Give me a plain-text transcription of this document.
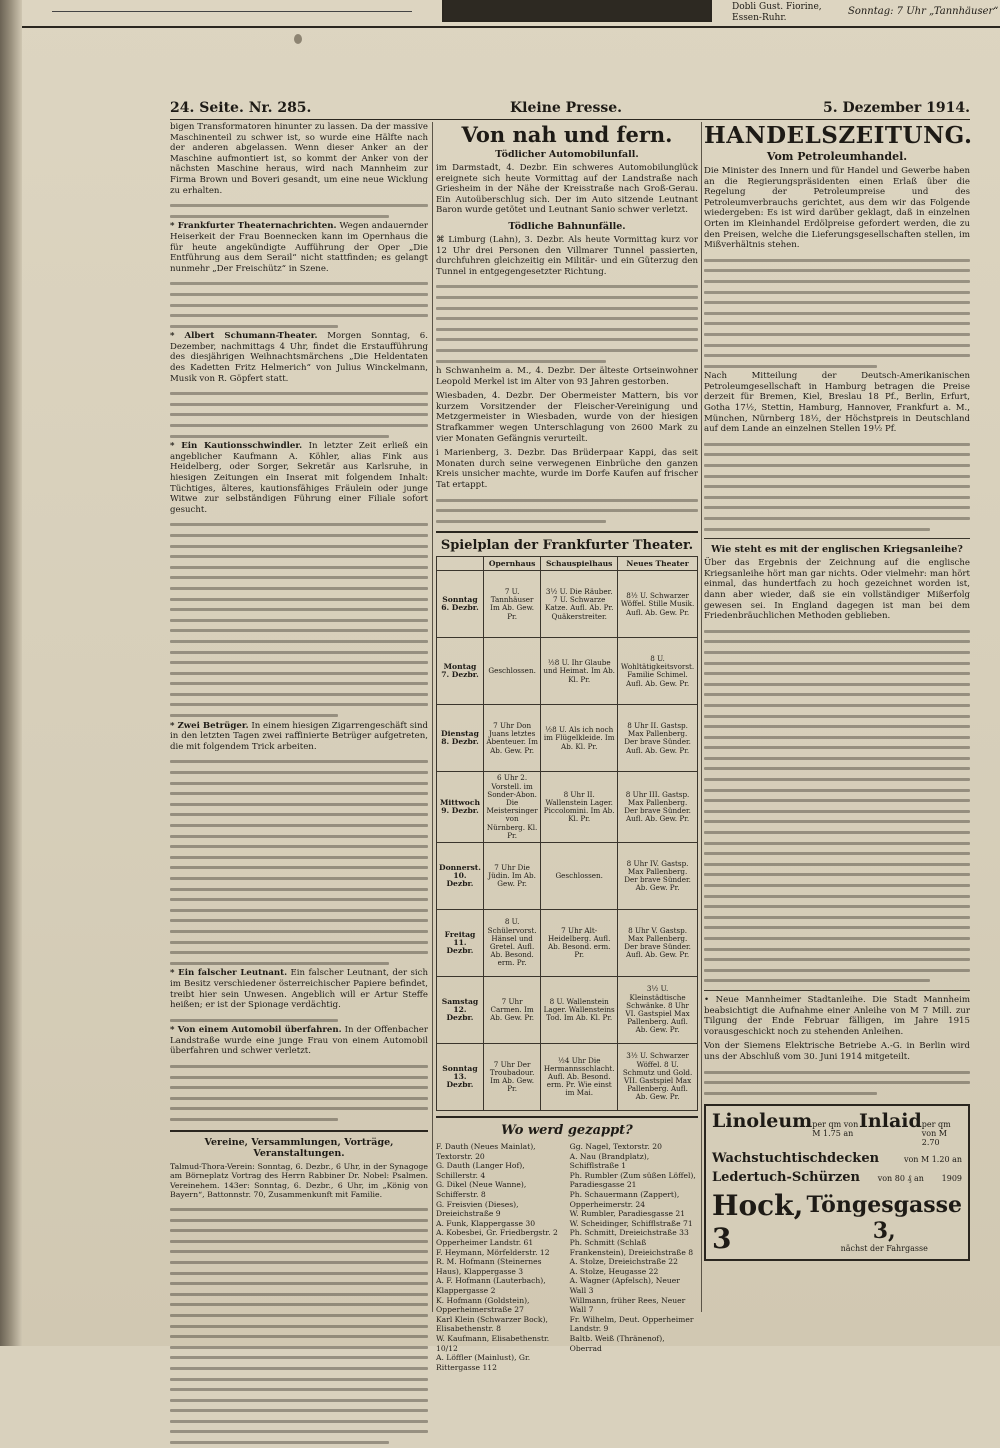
Dobli Gust. Fiorine,
Essen-Ruhr.
Sonntag: 7 Uhr „Tannhäuser“
24. Seite. Nr. 285.	Kleine Presse.	5. Dezember 1914.

bigen Transformatoren hinunter zu lassen. Da der massive Maschinenteil zu schwer ist, so wurde eine Hälfte nach der anderen abgelassen. Wenn dieser Anker an der Maschine aufmontiert ist, so kommt der Anker von der nächsten Maschine heraus, wird nach Mannheim zur Firma Brown und Boveri gesandt, um eine neue Wicklung zu erhalten.

* Frankfurter Theaternachrichten. Wegen andauernder Heiserkeit der Frau Boennecken kann im Opernhaus die für heute angekündigte Aufführung der Oper „Die Entführung aus dem Serail“ nicht stattfinden; es gelangt nunmehr „Der Freischütz“ in Szene.

* Albert Schumann-Theater. Morgen Sonntag, 6. Dezember, nachmittags 4 Uhr, findet die Erstaufführung des diesjährigen Weihnachtsmärchens „Die Heldentaten des Kadetten Fritz Helmerich“ von Julius Winckelmann, Musik von R. Göpfert statt.

* Ein Kautionsschwindler. In letzter Zeit erließ ein angeblicher Kaufmann A. Köhler, alias Fink aus Heidelberg, oder Sorger, Sekretär aus Karlsruhe, in hiesigen Zeitungen ein Inserat mit folgendem Inhalt: Tüchtiges, älteres, kautionsfähiges Fräulein oder junge Witwe zur selbständigen Führung einer Filiale sofort gesucht.

* Zwei Betrüger. In einem hiesigen Zigarrengeschäft sind in den letzten Tagen zwei raffinierte Betrüger aufgetreten, die mit folgendem Trick arbeiten.

* Ein falscher Leutnant. Ein falscher Leutnant, der sich im Besitz verschiedener österreichischer Papiere befindet, treibt hier sein Unwesen. Angeblich will er Artur Steffe heißen; er ist der Spionage verdächtig.

* Von einem Automobil überfahren. In der Offenbacher Landstraße wurde eine junge Frau von einem Automobil überfahren und schwer verletzt.

Vereine, Versammlungen, Vorträge, Veranstaltungen.

Talmud-Thora-Verein: Sonntag, 6. Dezbr., 6 Uhr, in der Synagoge am Börneplatz Vortrag des Herrn Rabbiner Dr. Nobel: Psalmen. Vereinehem. 143er: Sonntag, 6. Dezbr., 6 Uhr, im „König von Bayern“, Battonnstr. 70, Zusammenkunft mit Familie.

Von nah und fern.
Tödlicher Automobilunfall.

im Darmstadt, 4. Dezbr. Ein schweres Automobilunglück ereignete sich heute Vormittag auf der Landstraße nach Griesheim in der Nähe der Kreisstraße nach Groß-Gerau. Ein Autoüberschlug sich. Der im Auto sitzende Leutnant Baron wurde getötet und Leutnant Sanio schwer verletzt.

Tödliche Bahnunfälle.

⌘ Limburg (Lahn), 3. Dezbr. Als heute Vormittag kurz vor 12 Uhr drei Personen den Villmarer Tunnel passierten, durchfuhren gleichzeitig ein Militär- und ein Güterzug den Tunnel in entgegengesetzter Richtung.

h Schwanheim a. M., 4. Dezbr. Der älteste Ortseinwohner Leopold Merkel ist im Alter von 93 Jahren gestorben.

Wiesbaden, 4. Dezbr. Der Obermeister Mattern, bis vor kurzem Vorsitzender der Fleischer-Vereinigung und Metzgermeister in Wiesbaden, wurde von der hiesigen Strafkammer wegen Unterschlagung von 2600 Mark zu vier Monaten Gefängnis verurteilt.

i Marienberg, 3. Dezbr. Das Brüderpaar Kappi, das seit Monaten durch seine verwegenen Einbrüche den ganzen Kreis unsicher machte, wurde im Dorfe Kaufen auf frischer Tat ertappt.

Spielplan der Frankfurter Theater.
	Opernhaus	Schauspielhaus	Neues Theater
Sonntag 6. Dezbr.	7 U. Tannhäuser Im Ab. Gew. Pr.	3½ U. Die Räuber. 7 U. Schwarze Katze. Aufl. Ab. Pr. Quäkerstreiter.	8½ U. Schwarzer Wöffel. Stille Musik. Aufl. Ab. Gew. Pr.
Montag 7. Dezbr.	Geschlossen.	½8 U. Ihr Glaube und Heimat. Im Ab. Kl. Pr.	8 U. Wohltätigkeitsvorst. Familie Schimel. Aufl. Ab. Gew. Pr.
Dienstag 8. Dezbr.	7 Uhr Don Juans letztes Abenteuer. Im Ab. Gew. Pr.	½8 U. Als ich noch im Flügelkleide. Im Ab. Kl. Pr.	8 Uhr II. Gastsp. Max Pallenberg. Der brave Sünder. Aufl. Ab. Gew. Pr.
Mittwoch 9. Dezbr.	6 Uhr 2. Vorstell. im Sonder-Abon. Die Meistersinger von Nürnberg. Kl. Pr.	8 Uhr II. Wallenstein Lager. Piccolomini. Im Ab. Kl. Pr.	8 Uhr III. Gastsp. Max Pallenberg. Der brave Sünder. Aufl. Ab. Gew. Pr.
Donnerst. 10. Dezbr.	7 Uhr Die Jüdin. Im Ab. Gew. Pr.	Geschlossen.	8 Uhr IV. Gastsp. Max Pallenberg. Der brave Sünder. Ab. Gew. Pr.
Freitag 11. Dezbr.	8 U. Schülervorst. Hänsel und Gretel. Aufl. Ab. Besond. erm. Pr.	7 Uhr Alt-Heidelberg. Aufl. Ab. Besond. erm. Pr.	8 Uhr V. Gastsp. Max Pallenberg. Der brave Sünder. Aufl. Ab. Gew. Pr.
Samstag 12. Dezbr.	7 Uhr Carmen. Im Ab. Gew. Pr.	8 U. Wallenstein Lager. Wallensteins Tod. Im Ab. Kl. Pr.	3½ U. Kleinstädtische Schwänke. 8 Uhr VI. Gastspiel Max Pallenberg. Aufl. Ab. Gew. Pr.
Sonntag 13. Dezbr.	7 Uhr Der Troubadour. Im Ab. Gew. Pr.	½4 Uhr Die Hermannsschlacht. Aufl. Ab. Besond. erm. Pr. Wie einst im Mai.	3½ U. Schwarzer Wöffel. 8 U. Schmutz und Gold. VII. Gastspiel Max Pallenberg. Aufl. Ab. Gew. Pr.
Wo werd gezappt?
F. Dauth (Neues Mainlat), Textorstr. 20
G. Dauth (Langer Hof), Schillerstr. 4
G. Dikel (Neue Wanne), Schifferstr. 8
G. Freisvien (Dieses), Dreieichstraße 9
A. Funk, Klappergasse 30
A. Kobesbei, Gr. Friedbergstr. 2
Opperheimer Landstr. 61
F. Heymann, Mörfelderstr. 12
R. M. Hofmann (Steinernes Haus), Klappergasse 3
A. F. Hofmann (Lauterbach), Klappergasse 2
K. Hofmann (Goldstein), Opperheimerstraße 27
Karl Klein (Schwarzer Bock), Elisabethenstr. 8
W. Kaufmann, Elisabethenstr. 10/12
A. Löffler (Mainlust), Gr. Rittergasse 112
Gg. Nagel, Textorstr. 20
A. Nau (Brandplatz), Schifflstraße 1
Ph. Rumbler (Zum süßen Löffel), Paradiesgasse 21
Ph. Schauermann (Zappert), Opperheimerstr. 24
W. Rumbler, Paradiesgasse 21
W. Scheidinger, Schifflstraße 71
Ph. Schmitt, Dreieichstraße 33
Ph. Schmitt (Schlaß Frankenstein), Dreieichstraße 8
A. Stolze, Dreieichstraße 22
A. Stolze, Heugasse 22
A. Wagner (Apfelsch), Neuer Wall 3
Willmann, früher Rees, Neuer Wall 7
Fr. Wilhelm, Deut. Opperheimer Landstr. 9
Baltb. Weiß (Thränenof), Oberrad
HANDELSZEITUNG.
Vom Petroleumhandel.

Die Minister des Innern und für Handel und Gewerbe haben an die Regierungspräsidenten einen Erlaß über die Regelung der Petroleumpreise und des Petroleumverbrauchs gerichtet, aus dem wir das Folgende wiedergeben: Es ist wird darüber geklagt, daß in einzelnen Orten im Kleinhandel Erdölpreise gefordert werden, die zu den Preisen, welche die Lieferungsgesellschaften stellen, im Mißverhältnis stehen.

Nach Mitteilung der Deutsch-Amerikanischen Petroleumgesellschaft in Hamburg betragen die Preise derzeit für Bremen, Kiel, Breslau 18 Pf., Berlin, Erfurt, Gotha 17½, Stettin, Hamburg, Hannover, Frankfurt a. M., München, Nürnberg 18½, der Höchstpreis in Deutschland auf dem Lande an einzelnen Stellen 19½ Pf.

Wie steht es mit der englischen Kriegsanleihe?

Über das Ergebnis der Zeichnung auf die englische Kriegsanleihe hört man gar nichts. Oder vielmehr: man hört einmal, das hundertfach zu hoch gezeichnet worden ist, dann aber wieder, daß sie ein vollständiger Mißerfolg gewesen sei. In England dagegen ist man bei dem Friedenbräuchlichen Methoden geblieben.

• Neue Mannheimer Stadtanleihe. Die Stadt Mannheim beabsichtigt die Aufnahme einer Anleihe von M 7 Mill. zur Tilgung der Ende Februar fälligen, im Jahre 1915 vorausgeschickt noch zu stehenden Anleihen.

Von der Siemens Elektrische Betriebe A.-G. in Berlin wird uns der Abschluß vom 30. Juni 1914 mitgeteilt.

Linoleum per qm von M 1.75 an
Inlaid per qm von M 2.70
Wachstuchtischdecken	von M 1.20 an
Ledertuch-Schürzen von 80 ₰ an 1909
Hock, 3
Töngesgasse 3,
nächst der Fahrgasse
